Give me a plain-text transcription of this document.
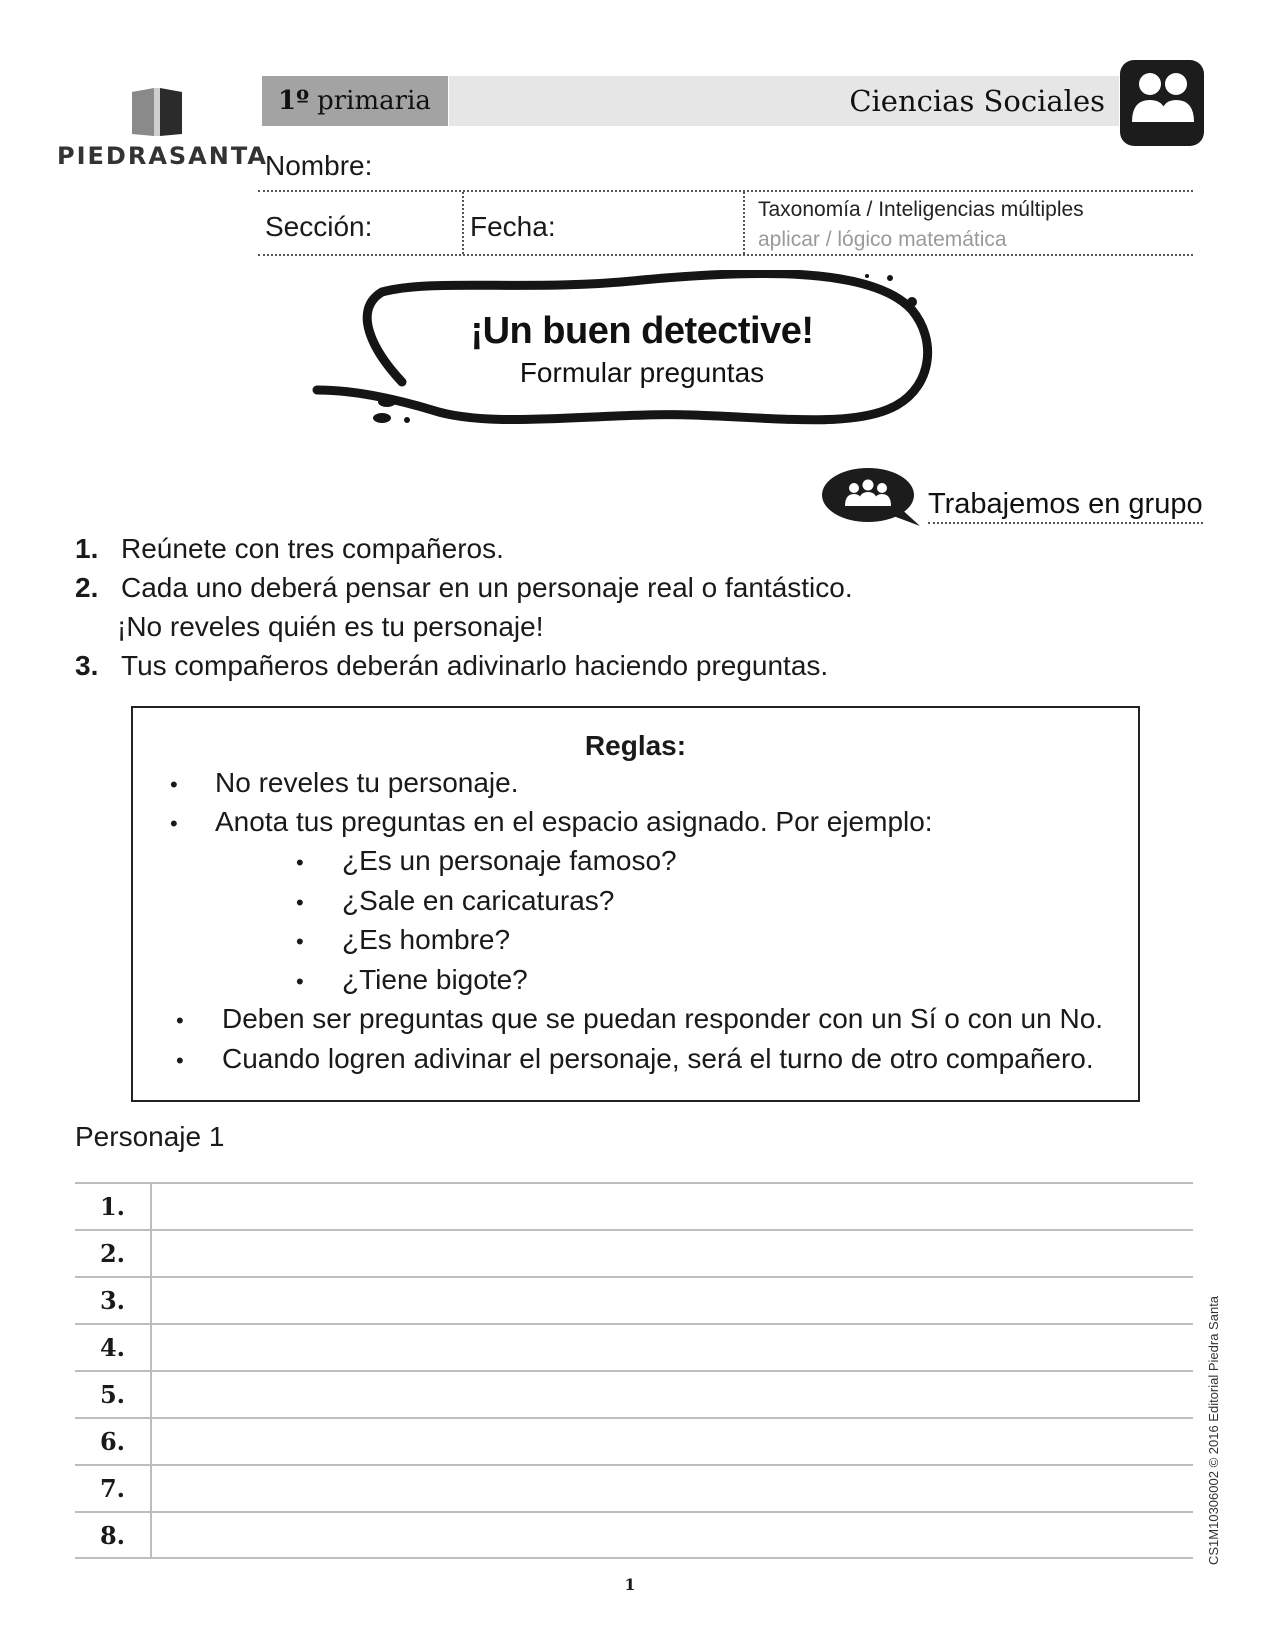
PIEDRASANTA
1º primaria	Ciencias Sociales
Nombre:
Sección:	Fecha:
Taxonomía / Inteligencias múltiples
aplicar / lógico matemática
¡Un buen detective!
Formular preguntas
Trabajemos en grupo
1. Reúnete con tres compañeros.
2. Cada uno deberá pensar en un personaje real o fantástico.
¡No reveles quién es tu personaje!
3. Tus compañeros deberán adivinarlo haciendo preguntas.
Reglas:
• No reveles tu personaje.
• Anota tus preguntas en el espacio asignado. Por ejemplo:
• ¿Es un personaje famoso?
• ¿Sale en caricaturas?
• ¿Es hombre?
• ¿Tiene bigote?
• Deben ser preguntas que se puedan responder con un Sí o con un No.
• Cuando logren adivinar el personaje, será el turno de otro compañero.
Personaje 1
1.
2.
3.
4.
5.
6.
7.
8.
1
CS1M10306002 © 2016 Editorial Piedra Santa
